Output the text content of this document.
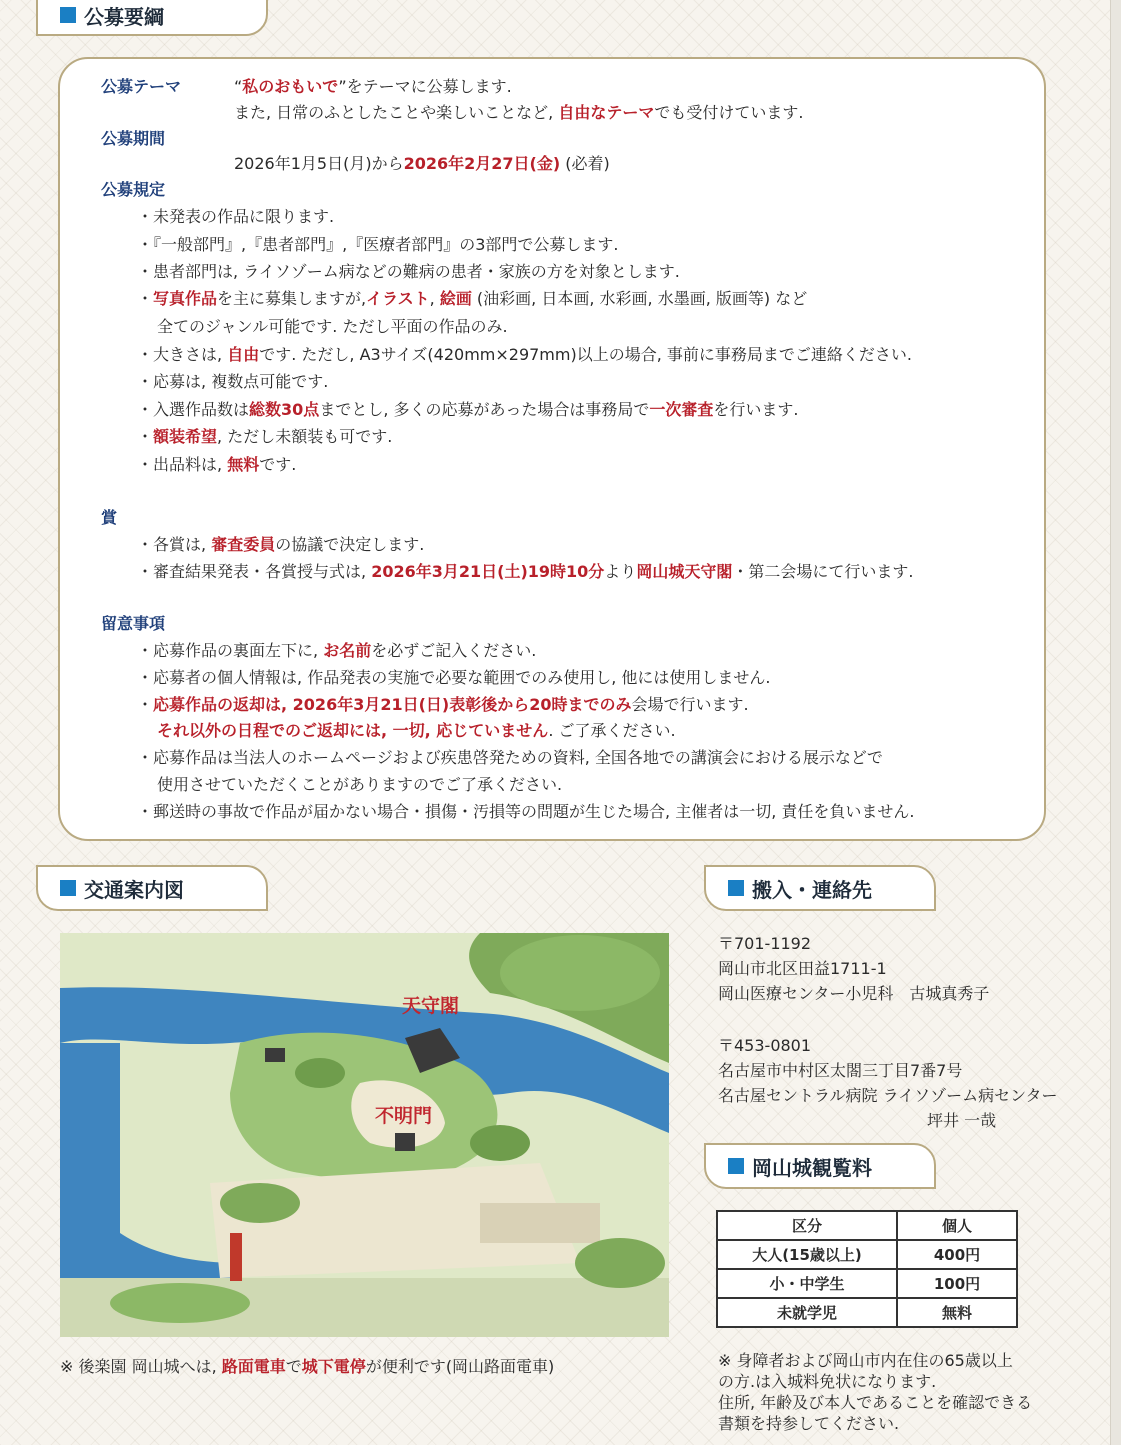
公募要綱
公募テーマ	“私のおもいで”をテーマに公募します.
また, 日常のふとしたことや楽しいことなど, 自由なテーマでも受付けています.
公募期間
2026年1月5日(月)から2026年2月27日(金) (必着)
公募規定
・未発表の作品に限ります.
・『一般部門』,『患者部門』,『医療者部門』の3部門で公募します.
・患者部門は, ライソゾーム病などの難病の患者・家族の方を対象とします.
・写真作品を主に募集しますが,イラスト, 絵画 (油彩画, 日本画, 水彩画, 水墨画, 版画等) など
全てのジャンル可能です. ただし平面の作品のみ.
・大きさは, 自由です. ただし, A3サイズ(420mm×297mm)以上の場合, 事前に事務局までご連絡ください.
・応募は, 複数点可能です.
・入選作品数は総数30点までとし, 多くの応募があった場合は事務局で一次審査を行います.
・額装希望, ただし未額装も可です.
・出品料は, 無料です.
賞
・各賞は, 審査委員の協議で決定します.
・審査結果発表・各賞授与式は, 2026年3月21日(土)19時10分より岡山城天守閣・第二会場にて行います.
留意事項
・応募作品の裏面左下に, お名前を必ずご記入ください.
・応募者の個人情報は, 作品発表の実施で必要な範囲でのみ使用し, 他には使用しません.
・応募作品の返却は, 2026年3月21日(日)表彰後から20時までのみ会場で行います.
それ以外の日程でのご返却には, 一切, 応じていません. ご了承ください.
・応募作品は当法人のホームページおよび疾患啓発ための資料, 全国各地での講演会における展示などで
使用させていただくことがありますのでご了承ください.
・郵送時の事故で作品が届かない場合・損傷・汚損等の問題が生じた場合, 主催者は一切, 責任を負いません.
交通案内図
天守閣
不明門
※ 後楽園 岡山城へは, 路面電車で城下電停が便利です(岡山路面電車)
搬入・連絡先
〒701-1192
岡山市北区田益1711-1
岡山医療センター小児科　古城真秀子
〒453-0801
名古屋市中村区太閤三丁目7番7号
名古屋セントラル病院 ライソゾーム病センター
坪井 一哉
岡山城観覧料
区分	個人
大人(15歳以上)	400円
小・中学生	100円
未就学児	無料
※ 身障者および岡山市内在住の65歳以上
の方.は入城料免状になります.
住所, 年齢及び本人であることを確認できる
書類を持参してください.
